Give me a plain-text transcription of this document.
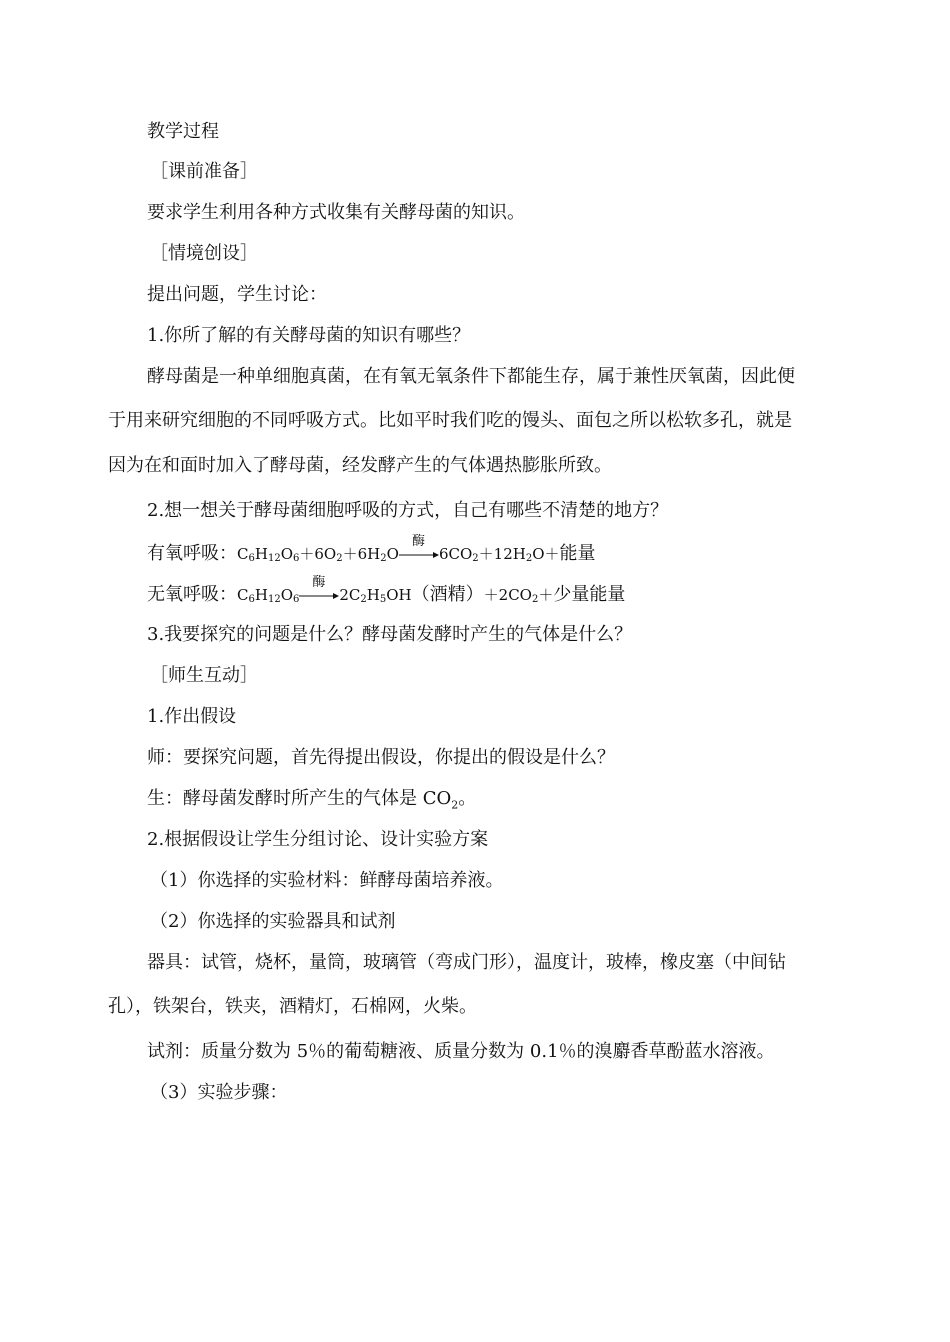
教学过程
［课前准备］
要求学生利用各种方式收集有关酵母菌的知识。
［情境创设］
提出问题，学生讨论：
1.你所了解的有关酵母菌的知识有哪些？
酵母菌是一种单细胞真菌，在有氧无氧条件下都能生存，属于兼性厌氧菌，因此便
于用来研究细胞的不同呼吸方式。比如平时我们吃的馒头、面包之所以松软多孔，就是
因为在和面时加入了酵母菌，经发酵产生的气体遇热膨胀所致。
2.想一想关于酵母菌细胞呼吸的方式，自己有哪些不清楚的地方？
有氧呼吸：$C_6H_{12}O_6+6O_2+6H_2O$
酶
$6CO_2+12H_2O+$能量
无氧呼吸：$C_6H_{12}O_6$
酶
$2C_2H_5OH$（酒精）$+2CO_2+$少量能量
3.我要探究的问题是什么？酵母菌发酵时产生的气体是什么？
［师生互动］
1.作出假设
师：要探究问题，首先得提出假设，你提出的假设是什么？
生：酵母菌发酵时所产生的气体是 $CO_2$。
2.根据假设让学生分组讨论、设计实验方案
（1）你选择的实验材料：鲜酵母菌培养液。
（2）你选择的实验器具和试剂
器具：试管，烧杯，量筒，玻璃管（弯成门形），温度计，玻棒，橡皮塞（中间钻
孔），铁架台，铁夹，酒精灯，石棉网，火柴。
试剂：质量分数为 5％的葡萄糖液、质量分数为 0.1％的溴麝香草酚蓝水溶液。
（3）实验步骤：
